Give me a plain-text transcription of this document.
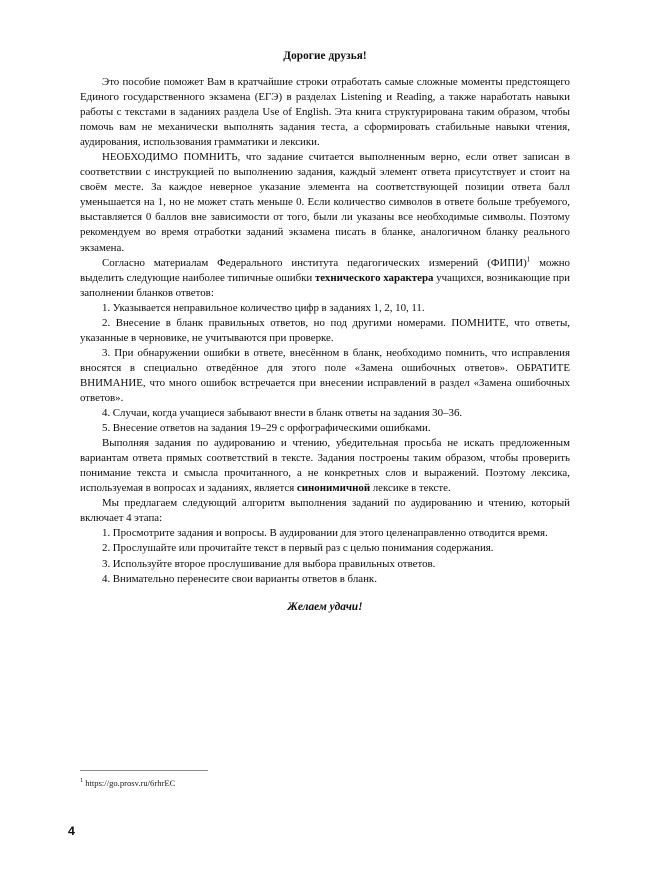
Дорогие друзья!

Это пособие поможет Вам в кратчайшие строки отработать самые сложные моменты предстоящего Единого государственного экзамена (ЕГЭ) в разделах Listening и Reading, а также наработать навыки работы с текстами в заданиях раздела Use of English. Эта книга структурирована таким образом, чтобы помочь вам не механически выполнять задания теста, а сформировать стабильные навыки чтения, аудирования, использования грамматики и лексики.

НЕОБХОДИМО ПОМНИТЬ, что задание считается выполненным верно, если ответ записан в соответствии с инструкцией по выполнению задания, каждый элемент ответа присутствует и стоит на своём месте. За каждое неверное указание элемента на соответствующей позиции ответа балл уменьшается на 1, но не может стать меньше 0. Если количество символов в ответе больше требуемого, выставляется 0 баллов вне зависимости от того, были ли указаны все необходимые символы. Поэтому рекомендуем во время отработки заданий экзамена писать в бланке, аналогичном бланку реального экзамена.

Согласно материалам Федерального института педагогических измерений (ФИПИ)$^1$ можно выделить следующие наиболее типичные ошибки технического характера учащихся, возникающие при заполнении бланков ответов:

1. Указывается неправильное количество цифр в заданиях 1, 2, 10, 11.

2. Внесение в бланк правильных ответов, но под другими номерами. ПОМНИТЕ, что ответы, указанные в черновике, не учитываются при проверке.

3. При обнаружении ошибки в ответе, внесённом в бланк, необходимо помнить, что исправления вносятся в специально отведённое для этого поле «Замена ошибочных ответов». ОБРАТИТЕ ВНИМАНИЕ, что много ошибок встречается при внесении исправлений в раздел «Замена ошибочных ответов».

4. Случаи, когда учащиеся забывают внести в бланк ответы на задания 30–36.

5. Внесение ответов на задания 19–29 с орфографическими ошибками.

Выполняя задания по аудированию и чтению, убедительная просьба не искать предложенным вариантам ответа прямых соответствий в тексте. Задания построены таким образом, чтобы проверить понимание текста и смысла прочитанного, а не конкретных слов и выражений. Поэтому лексика, используемая в вопросах и заданиях, является синонимичной лексике в тексте.

Мы предлагаем следующий алгоритм выполнения заданий по аудированию и чтению, который включает 4 этапа:

1. Просмотрите задания и вопросы. В аудировании для этого целенаправленно отводится время.

2. Прослушайте или прочитайте текст в первый раз с целью понимания содержания.

3. Используйте второе прослушивание для выбора правильных ответов.

4. Внимательно перенесите свои варианты ответов в бланк.

Желаем удачи!

$^1$ https://go.prosv.ru/6rhrEC

4
